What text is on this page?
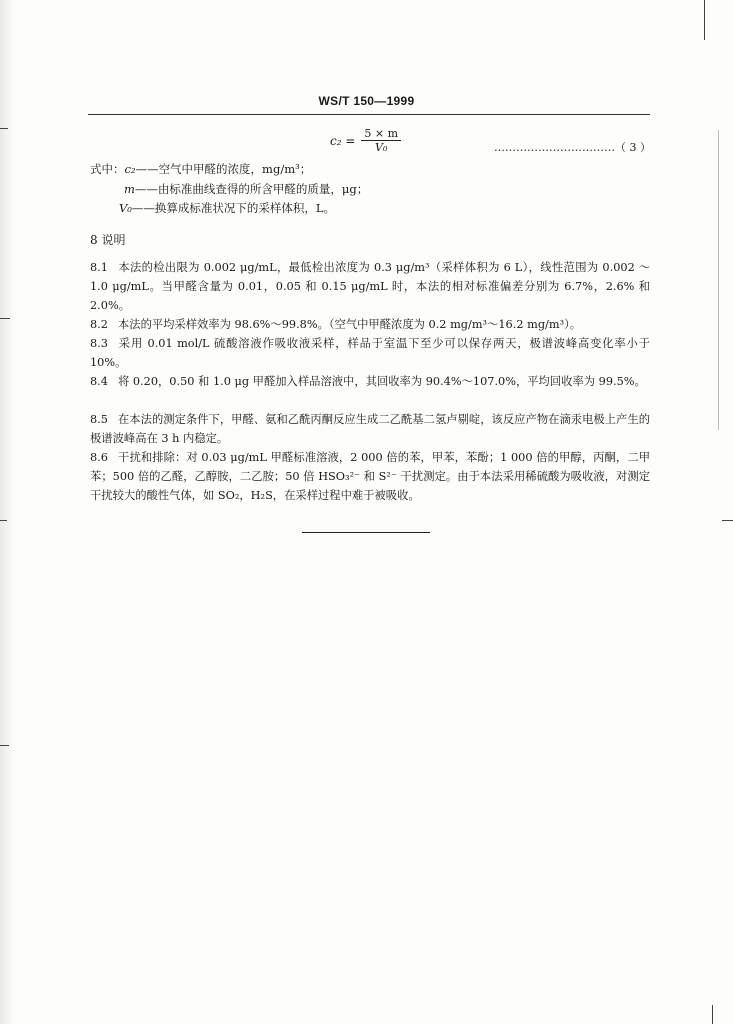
WS/T 150—1999
$c_2 = \frac{5 \times m}{\text{V₀}}$	……………………………（ 3 ）
式中：c₂——空气中甲醛的浓度，mg/m³；
m——由标准曲线查得的所含甲醛的质量，μg；
V₀——换算成标准状况下的采样体积，L。
8 说明
8.1 本法的检出限为 0.002 μg/mL，最低检出浓度为 0.3 μg/m³（采样体积为 6 L），线性范围为 0.002 ～1.0 μg/mL。当甲醛含量为 0.01，0.05 和 0.15 μg/mL 时，本法的相对标准偏差分别为 6.7%，2.6% 和 2.0%。
8.2 本法的平均采样效率为 98.6%～99.8%。（空气中甲醛浓度为 0.2 mg/m³～16.2 mg/m³）。
8.3 采用 0.01 mol/L 硫酸溶液作吸收液采样，样品于室温下至少可以保存两天，极谱波峰高变化率小于 10%。
8.4 将 0.20，0.50 和 1.0 μg 甲醛加入样品溶液中，其回收率为 90.4%～107.0%，平均回收率为 99.5%。
8.5 在本法的测定条件下，甲醛、氨和乙酰丙酮反应生成二乙酰基二氢卢剔啶，该反应产物在滴汞电极上产生的极谱波峰高在 3 h 内稳定。
8.6 干扰和排除：对 0.03 μg/mL 甲醛标准溶液，2 000 倍的苯，甲苯，苯酚；1 000 倍的甲醇，丙酮，二甲苯；500 倍的乙醛，乙醇胺，二乙胺；50 倍 HSO₃²⁻ 和 S²⁻ 干扰测定。由于本法采用稀硫酸为吸收液，对测定干扰较大的酸性气体，如 SO₂，H₂S，在采样过程中难于被吸收。
